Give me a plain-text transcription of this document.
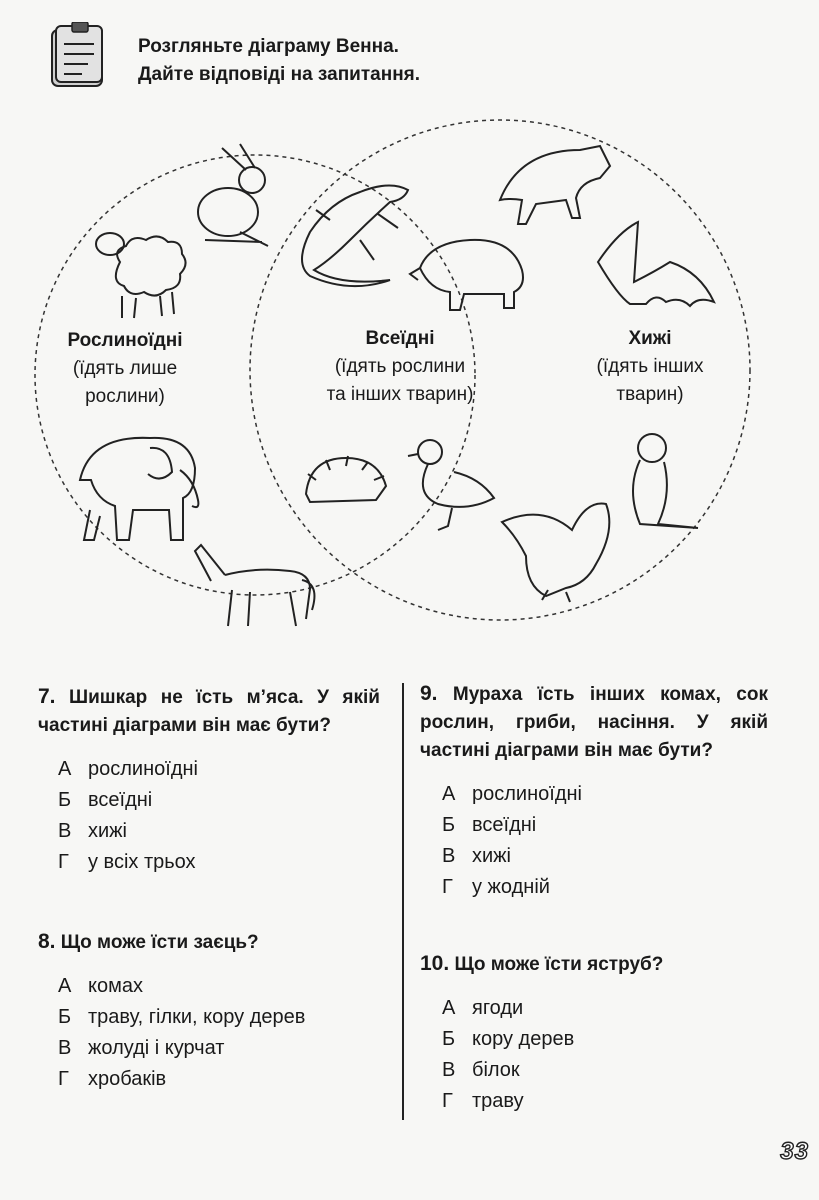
Розгляньте діаграму Венна.
Дайте відповіді на запитання.
Рослиноїдні
(їдять лише
рослини)
Всеїдні
(їдять рослини
та інших тварин)
Хижі
(їдять інших
тварин)
7. Шишкар не їсть м’яса. У якій частині діаграми він має бути?
А рослиноїдні
Б всеїдні
В хижі
Г у всіх трьох
8. Що може їсти заєць?
А комах
Б траву, гілки, кору дерев
В жолуді і курчат
Г хробаків
9. Мураха їсть інших комах, сок рослин, гриби, насіння. У якій частині діаграми він має бути?
А рослиноїдні
Б всеїдні
В хижі
Г у жодній
10. Що може їсти яструб?
А ягоди
Б кору дерев
В білок
Г траву
33
